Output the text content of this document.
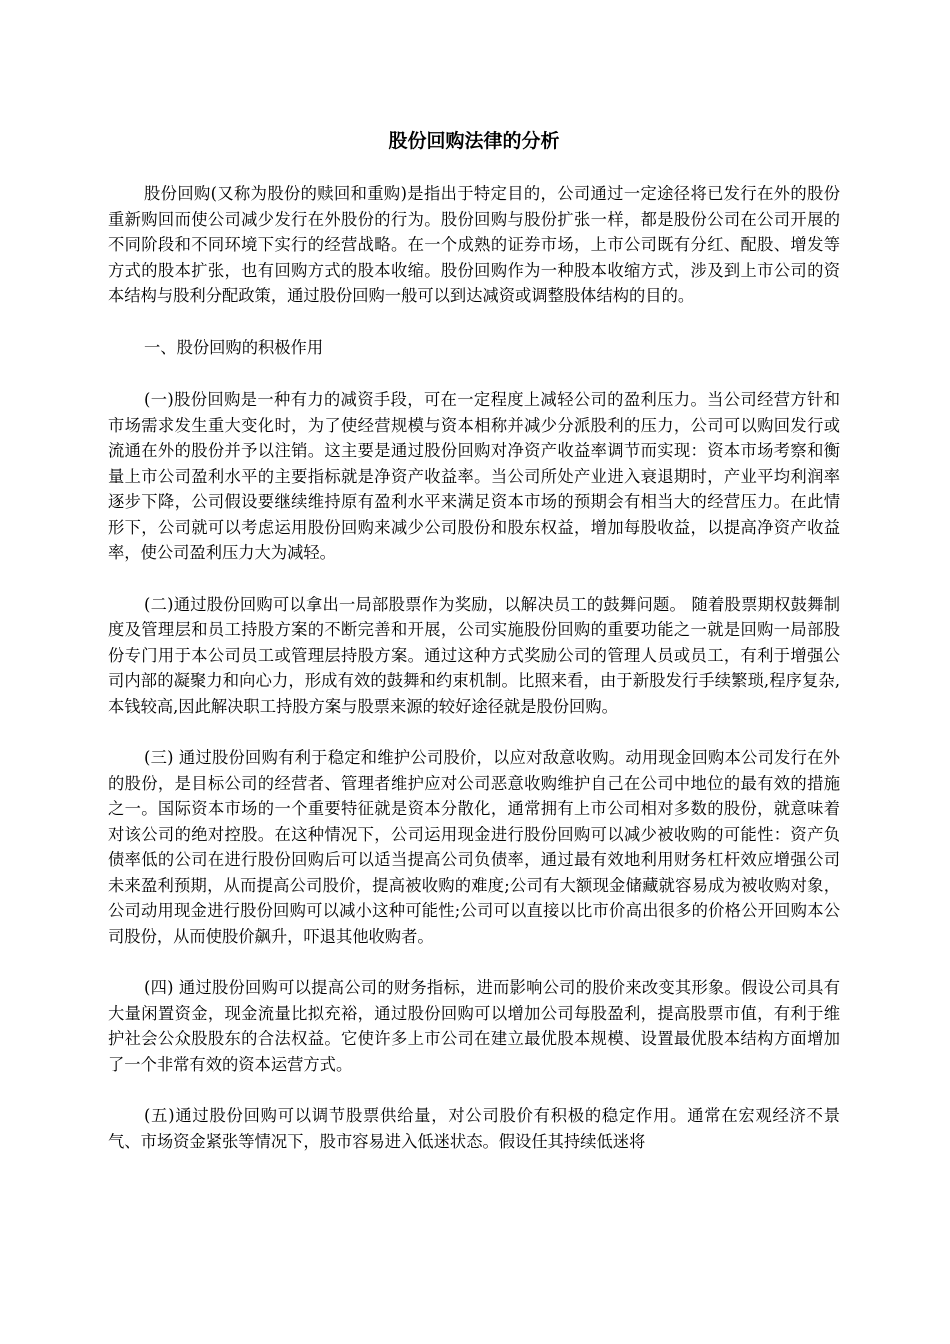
股份回购法律的分析

股份回购(又称为股份的赎回和重购)是指出于特定目的，公司通过一定途径将已发行在外的股份重新购回而使公司减少发行在外股份的行为。股份回购与股份扩张一样，都是股份公司在公司开展的不同阶段和不同环境下实行的经营战略。在一个成熟的证券市场，上市公司既有分红、配股、增发等方式的股本扩张，也有回购方式的股本收缩。股份回购作为一种股本收缩方式，涉及到上市公司的资本结构与股利分配政策，通过股份回购一般可以到达减资或调整股体结构的目的。

一、股份回购的积极作用

(一)股份回购是一种有力的减资手段，可在一定程度上减轻公司的盈利压力。当公司经营方针和市场需求发生重大变化时，为了使经营规模与资本相称并减少分派股利的压力，公司可以购回发行或流通在外的股份并予以注销。这主要是通过股份回购对净资产收益率调节而实现：资本市场考察和衡量上市公司盈利水平的主要指标就是净资产收益率。当公司所处产业进入衰退期时，产业平均利润率逐步下降，公司假设要继续维持原有盈利水平来满足资本市场的预期会有相当大的经营压力。在此情形下，公司就可以考虑运用股份回购来减少公司股份和股东权益，增加每股收益，以提高净资产收益率，使公司盈利压力大为减轻。

(二)通过股份回购可以拿出一局部股票作为奖励，以解决员工的鼓舞问题。 随着股票期权鼓舞制度及管理层和员工持股方案的不断完善和开展，公司实施股份回购的重要功能之一就是回购一局部股份专门用于本公司员工或管理层持股方案。通过这种方式奖励公司的管理人员或员工，有利于增强公司内部的凝聚力和向心力，形成有效的鼓舞和约束机制。比照来看，由于新股发行手续繁琐,程序复杂,本钱较高,因此解决职工持股方案与股票来源的较好途径就是股份回购。

(三) 通过股份回购有利于稳定和维护公司股价，以应对敌意收购。动用现金回购本公司发行在外的股份，是目标公司的经营者、管理者维护应对公司恶意收购维护自己在公司中地位的最有效的措施之一。国际资本市场的一个重要特征就是资本分散化，通常拥有上市公司相对多数的股份，就意味着对该公司的绝对控股。在这种情况下，公司运用现金进行股份回购可以减少被收购的可能性：资产负债率低的公司在进行股份回购后可以适当提高公司负债率，通过最有效地利用财务杠杆效应增强公司未来盈利预期，从而提高公司股价，提高被收购的难度;公司有大额现金储藏就容易成为被收购对象，公司动用现金进行股份回购可以减小这种可能性;公司可以直接以比市价高出很多的价格公开回购本公司股份，从而使股价飙升，吓退其他收购者。

(四) 通过股份回购可以提高公司的财务指标，进而影响公司的股价来改变其形象。假设公司具有大量闲置资金，现金流量比拟充裕，通过股份回购可以增加公司每股盈利，提高股票市值，有利于维护社会公众股股东的合法权益。它使许多上市公司在建立最优股本规模、设置最优股本结构方面增加了一个非常有效的资本运营方式。

(五)通过股份回购可以调节股票供给量，对公司股价有积极的稳定作用。通常在宏观经济不景气、市场资金紧张等情况下，股市容易进入低迷状态。假设任其持续低迷将
